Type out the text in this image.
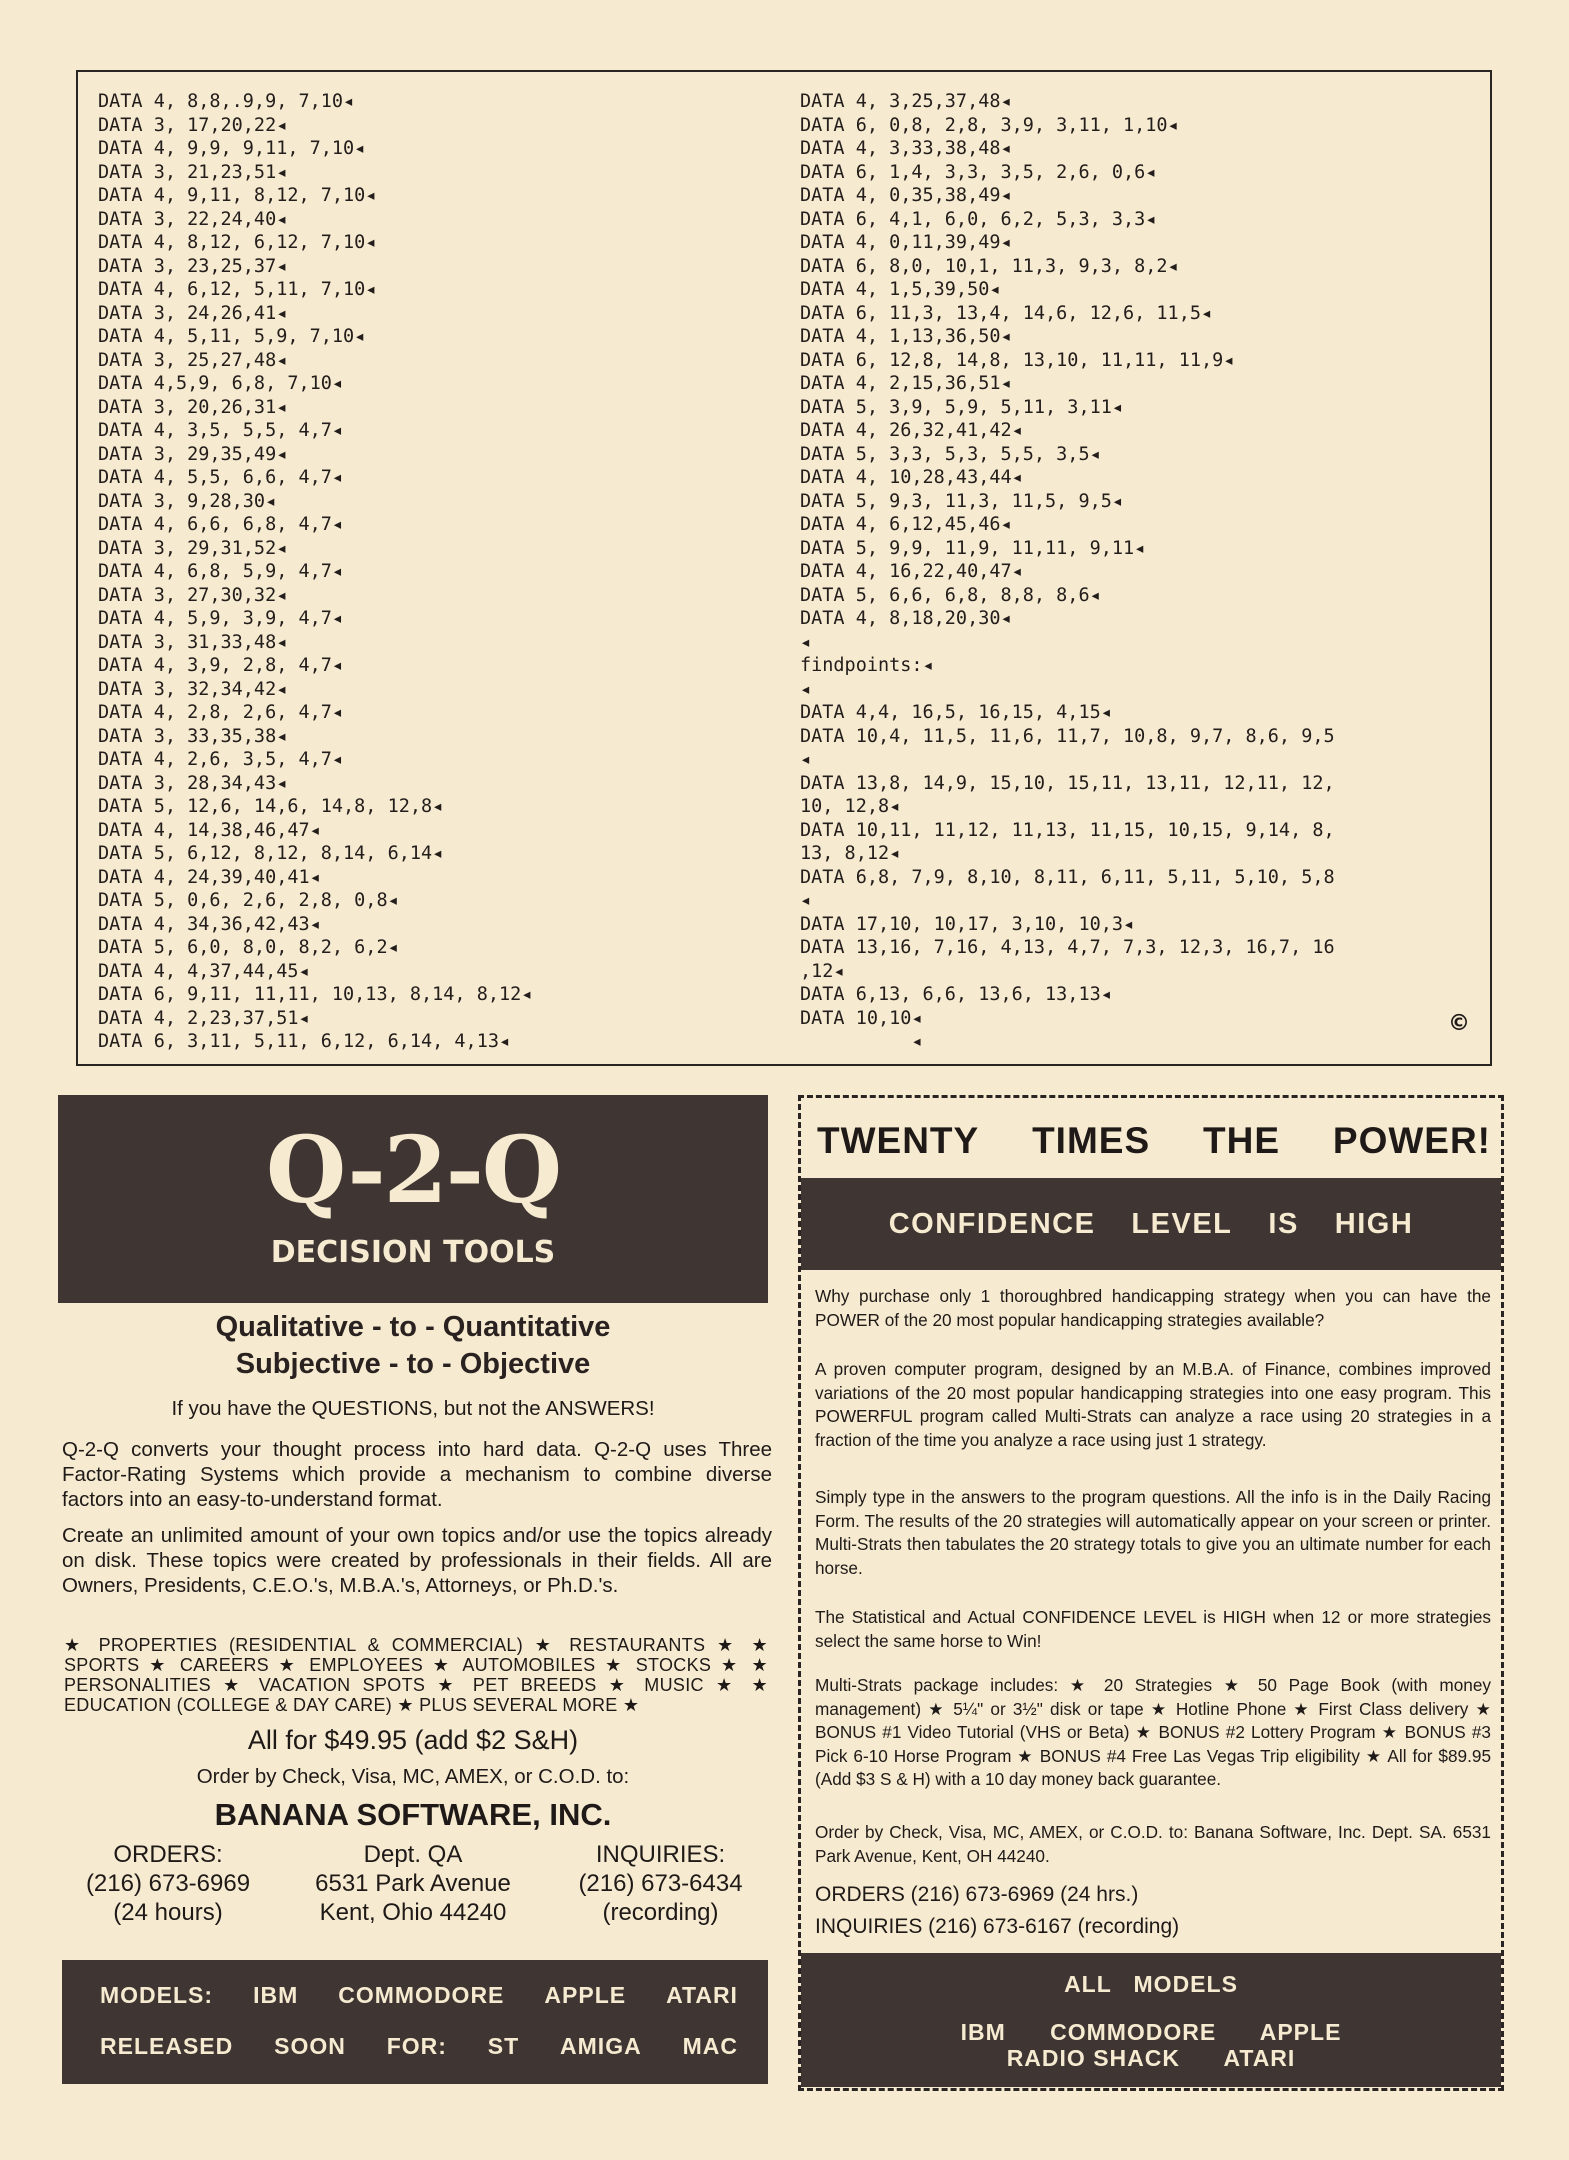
DATA 4, 8,8,.9,9, 7,10◂
DATA 3, 17,20,22◂
DATA 4, 9,9, 9,11, 7,10◂
DATA 3, 21,23,51◂
DATA 4, 9,11, 8,12, 7,10◂
DATA 3, 22,24,40◂
DATA 4, 8,12, 6,12, 7,10◂
DATA 3, 23,25,37◂
DATA 4, 6,12, 5,11, 7,10◂
DATA 3, 24,26,41◂
DATA 4, 5,11, 5,9, 7,10◂
DATA 3, 25,27,48◂
DATA 4,5,9, 6,8, 7,10◂
DATA 3, 20,26,31◂
DATA 4, 3,5, 5,5, 4,7◂
DATA 3, 29,35,49◂
DATA 4, 5,5, 6,6, 4,7◂
DATA 3, 9,28,30◂
DATA 4, 6,6, 6,8, 4,7◂
DATA 3, 29,31,52◂
DATA 4, 6,8, 5,9, 4,7◂
DATA 3, 27,30,32◂
DATA 4, 5,9, 3,9, 4,7◂
DATA 3, 31,33,48◂
DATA 4, 3,9, 2,8, 4,7◂
DATA 3, 32,34,42◂
DATA 4, 2,8, 2,6, 4,7◂
DATA 3, 33,35,38◂
DATA 4, 2,6, 3,5, 4,7◂
DATA 3, 28,34,43◂
DATA 5, 12,6, 14,6, 14,8, 12,8◂
DATA 4, 14,38,46,47◂
DATA 5, 6,12, 8,12, 8,14, 6,14◂
DATA 4, 24,39,40,41◂
DATA 5, 0,6, 2,6, 2,8, 0,8◂
DATA 4, 34,36,42,43◂
DATA 5, 6,0, 8,0, 8,2, 6,2◂
DATA 4, 4,37,44,45◂
DATA 6, 9,11, 11,11, 10,13, 8,14, 8,12◂
DATA 4, 2,23,37,51◂
DATA 6, 3,11, 5,11, 6,12, 6,14, 4,13◂
DATA 4, 3,25,37,48◂
DATA 6, 0,8, 2,8, 3,9, 3,11, 1,10◂
DATA 4, 3,33,38,48◂
DATA 6, 1,4, 3,3, 3,5, 2,6, 0,6◂
DATA 4, 0,35,38,49◂
DATA 6, 4,1, 6,0, 6,2, 5,3, 3,3◂
DATA 4, 0,11,39,49◂
DATA 6, 8,0, 10,1, 11,3, 9,3, 8,2◂
DATA 4, 1,5,39,50◂
DATA 6, 11,3, 13,4, 14,6, 12,6, 11,5◂
DATA 4, 1,13,36,50◂
DATA 6, 12,8, 14,8, 13,10, 11,11, 11,9◂
DATA 4, 2,15,36,51◂
DATA 5, 3,9, 5,9, 5,11, 3,11◂
DATA 4, 26,32,41,42◂
DATA 5, 3,3, 5,3, 5,5, 3,5◂
DATA 4, 10,28,43,44◂
DATA 5, 9,3, 11,3, 11,5, 9,5◂
DATA 4, 6,12,45,46◂
DATA 5, 9,9, 11,9, 11,11, 9,11◂
DATA 4, 16,22,40,47◂
DATA 5, 6,6, 6,8, 8,8, 8,6◂
DATA 4, 8,18,20,30◂
◂
findpoints:◂
◂
DATA 4,4, 16,5, 16,15, 4,15◂
DATA 10,4, 11,5, 11,6, 11,7, 10,8, 9,7, 8,6, 9,5
◂
DATA 13,8, 14,9, 15,10, 15,11, 13,11, 12,11, 12,
10, 12,8◂
DATA 10,11, 11,12, 11,13, 11,15, 10,15, 9,14, 8,
13, 8,12◂
DATA 6,8, 7,9, 8,10, 8,11, 6,11, 5,11, 5,10, 5,8
◂
DATA 17,10, 10,17, 3,10, 10,3◂
DATA 13,16, 7,16, 4,13, 4,7, 7,3, 12,3, 16,7, 16
,12◂
DATA 6,13, 6,6, 13,6, 13,13◂
DATA 10,10◂
◂
©
Q-2-Q
DECISION TOOLS
Qualitative - to - Quantitative
Subjective - to - Objective
If you have the QUESTIONS, but not the ANSWERS!
Q-2-Q converts your thought process into hard data. Q-2-Q uses Three Factor-Rating Systems which provide a mechanism to combine diverse factors into an easy-to-understand format.
Create an unlimited amount of your own topics and/or use the topics already on disk. These topics were created by professionals in their fields. All are Owners, Presidents, C.E.O.'s, M.B.A.'s, Attorneys, or Ph.D.'s.
★ PROPERTIES (RESIDENTIAL & COMMERCIAL) ★ RESTAURANTS ★ ★ SPORTS ★ CAREERS ★ EMPLOYEES ★ AUTOMOBILES ★ STOCKS ★ ★ PERSONALITIES ★ VACATION SPOTS ★ PET BREEDS ★ MUSIC ★ ★ EDUCATION (COLLEGE & DAY CARE) ★ PLUS SEVERAL MORE ★
All for $49.95 (add $2 S&H)
Order by Check, Visa, MC, AMEX, or C.O.D. to:
BANANA SOFTWARE, INC.
ORDERS:
(216) 673-6969
(24 hours)
Dept. QA
6531 Park Avenue
Kent, Ohio 44240
INQUIRIES:
(216) 673-6434
(recording)
MODELS: IBM COMMODORE APPLE ATARI
RELEASED SOON FOR: ST AMIGA MAC
TWENTY TIMES THE POWER!
CONFIDENCE LEVEL IS HIGH
Why purchase only 1 thoroughbred handicapping strategy when you can have the POWER of the 20 most popular handicapping strategies available?
A proven computer program, designed by an M.B.A. of Finance, combines improved variations of the 20 most popular handicapping strategies into one easy program. This POWERFUL program called Multi-Strats can analyze a race using 20 strategies in a fraction of the time you analyze a race using just 1 strategy.
Simply type in the answers to the program questions. All the info is in the Daily Racing Form. The results of the 20 strategies will automatically appear on your screen or printer. Multi-Strats then tabulates the 20 strategy totals to give you an ultimate number for each horse.
The Statistical and Actual CONFIDENCE LEVEL is HIGH when 12 or more strategies select the same horse to Win!
Multi-Strats package includes: ★ 20 Strategies ★ 50 Page Book (with money management) ★ 5¼" or 3½" disk or tape ★ Hotline Phone ★ First Class delivery ★ BONUS #1 Video Tutorial (VHS or Beta) ★ BONUS #2 Lottery Program ★ BONUS #3 Pick 6-10 Horse Program ★ BONUS #4 Free Las Vegas Trip eligibility ★ All for $89.95 (Add $3 S & H) with a 10 day money back guarantee.
Order by Check, Visa, MC, AMEX, or C.O.D. to: Banana Software, Inc. Dept. SA. 6531 Park Avenue, Kent, OH 44240.
ORDERS (216) 673-6969 (24 hrs.)
INQUIRIES (216) 673-6167 (recording)
ALL   MODELS
IBM      COMMODORE      APPLE
RADIO SHACK      ATARI
